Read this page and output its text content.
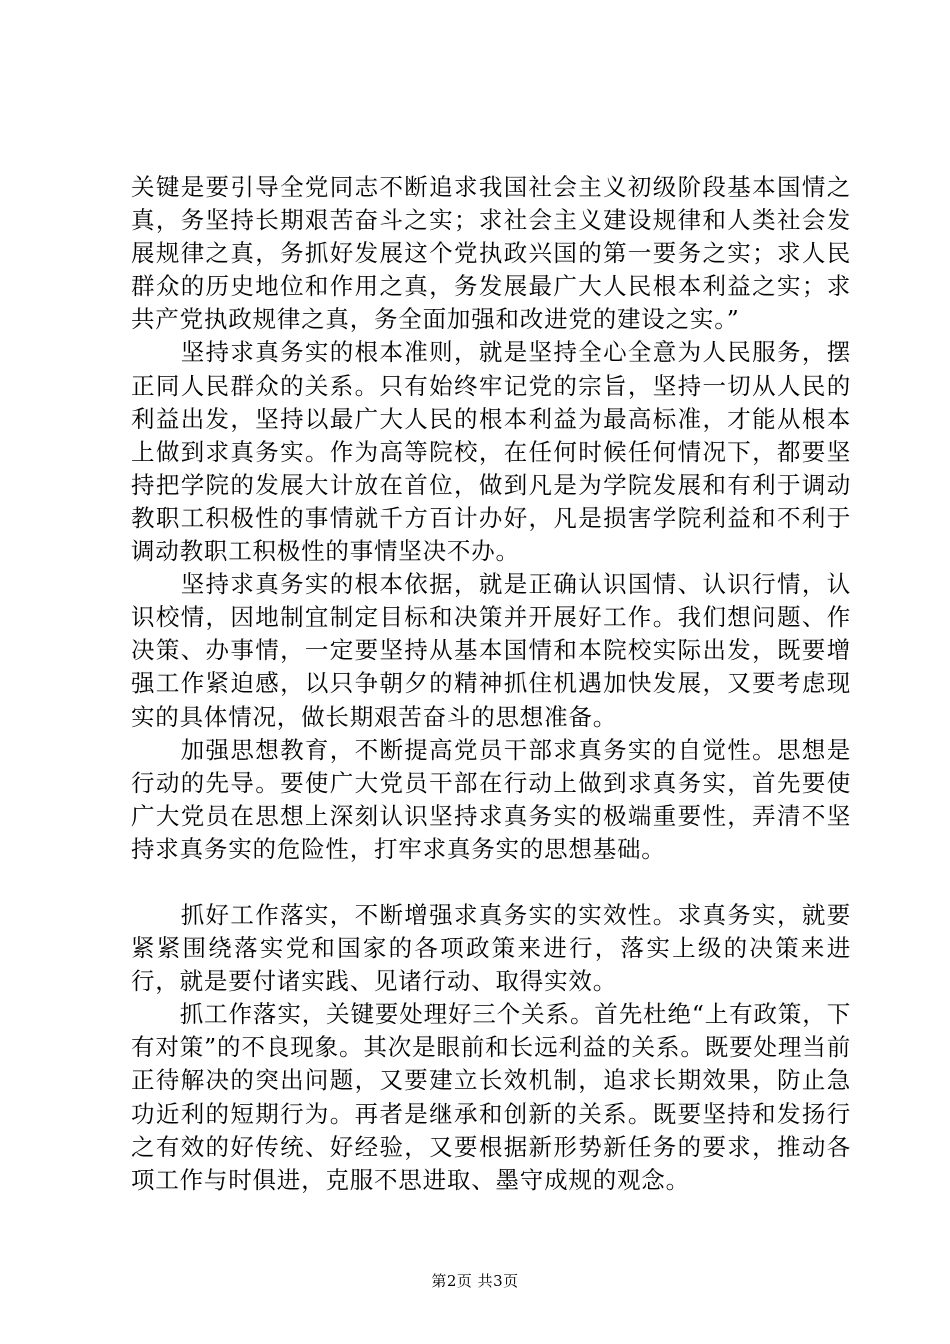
关键是要引导全党同志不断追求我国社会主义初级阶段基本国情之真，务坚持长期艰苦奋斗之实；求社会主义建设规律和人类社会发展规律之真，务抓好发展这个党执政兴国的第一要务之实；求人民群众的历史地位和作用之真，务发展最广大人民根本利益之实；求共产党执政规律之真，务全面加强和改进党的建设之实。”

　　坚持求真务实的根本准则，就是坚持全心全意为人民服务，摆正同人民群众的关系。只有始终牢记党的宗旨，坚持一切从人民的利益出发，坚持以最广大人民的根本利益为最高标准，才能从根本上做到求真务实。作为高等院校，在任何时候任何情况下，都要坚持把学院的发展大计放在首位，做到凡是为学院发展和有利于调动教职工积极性的事情就千方百计办好，凡是损害学院利益和不利于调动教职工积极性的事情坚决不办。

　　坚持求真务实的根本依据，就是正确认识国情、认识行情，认识校情，因地制宜制定目标和决策并开展好工作。我们想问题、作决策、办事情，一定要坚持从基本国情和本院校实际出发，既要增强工作紧迫感，以只争朝夕的精神抓住机遇加快发展，又要考虑现实的具体情况，做长期艰苦奋斗的思想准备。

　　加强思想教育，不断提高党员干部求真务实的自觉性。思想是行动的先导。要使广大党员干部在行动上做到求真务实，首先要使广大党员在思想上深刻认识坚持求真务实的极端重要性，弄清不坚持求真务实的危险性，打牢求真务实的思想基础。

　　抓好工作落实，不断增强求真务实的实效性。求真务实，就要紧紧围绕落实党和国家的各项政策来进行，落实上级的决策来进行，就是要付诸实践、见诸行动、取得实效。

　　抓工作落实，关键要处理好三个关系。首先杜绝“上有政策，下有对策”的不良现象。其次是眼前和长远利益的关系。既要处理当前正待解决的突出问题，又要建立长效机制，追求长期效果，防止急功近利的短期行为。再者是继承和创新的关系。既要坚持和发扬行之有效的好传统、好经验，又要根据新形势新任务的要求，推动各项工作与时俱进，克服不思进取、墨守成规的观念。

第2页 共3页
